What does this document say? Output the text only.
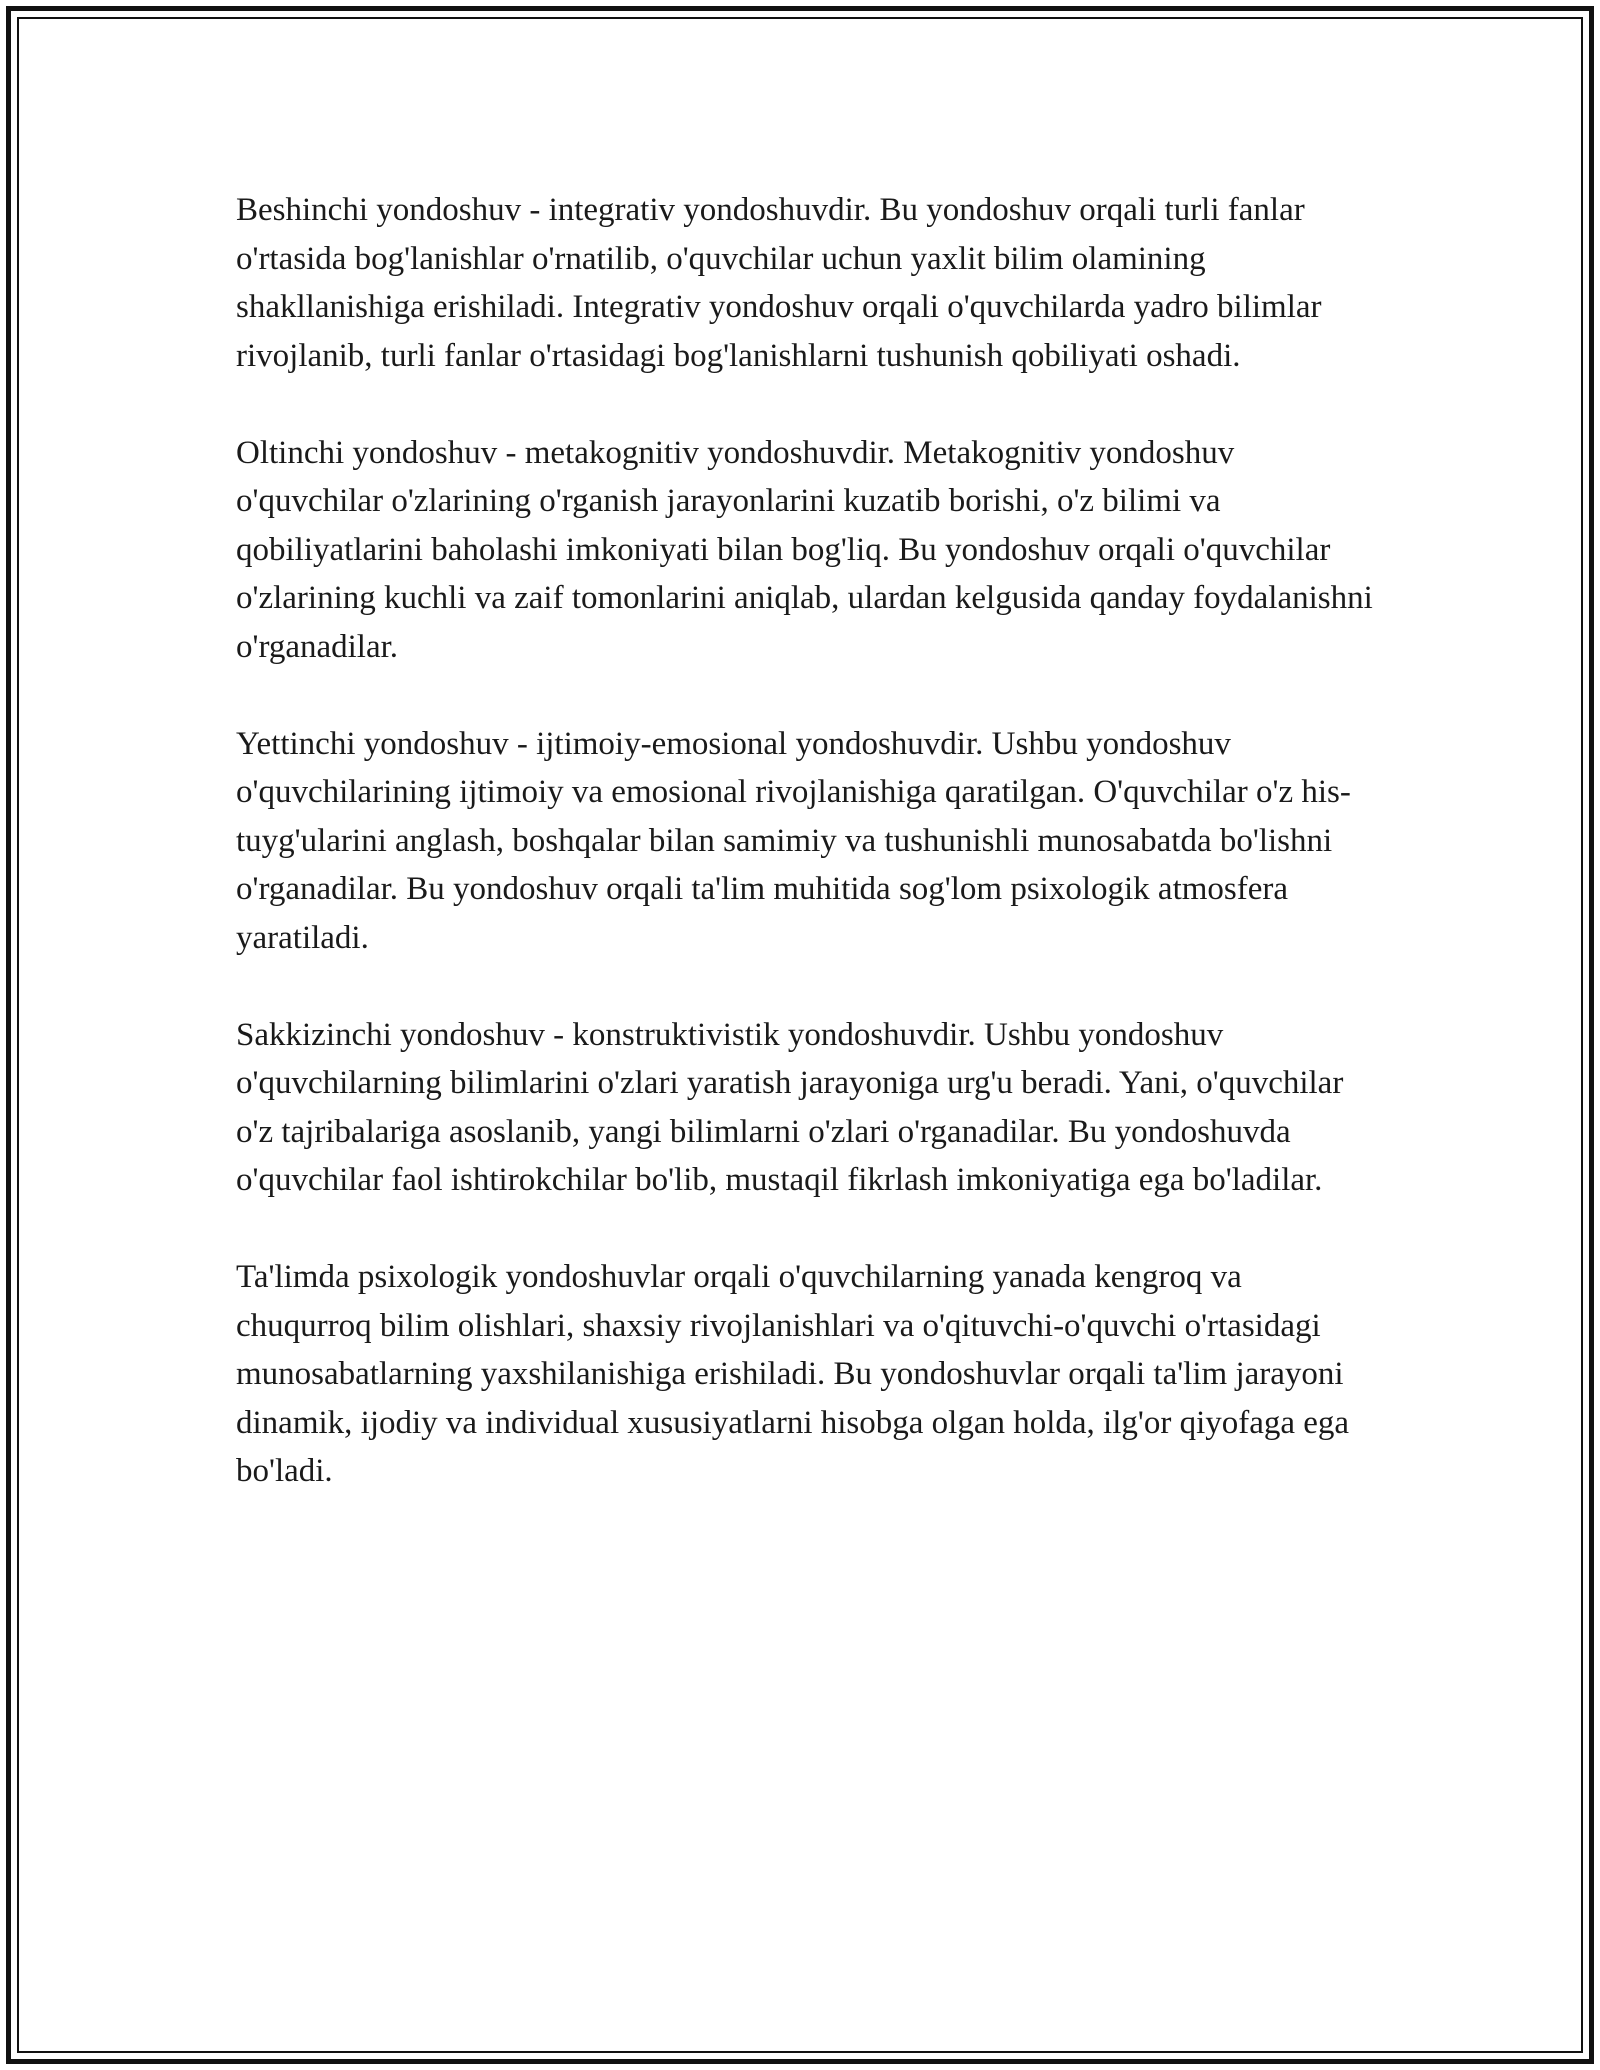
Beshinchi yondoshuv - integrativ yondoshuvdir. Bu yondoshuv orqali turli fanlar o'rtasida bog'lanishlar o'rnatilib, o'quvchilar uchun yaxlit bilim olamining shakllanishiga erishiladi. Integrativ yondoshuv orqali o'quvchilarda yadro bilimlar rivojlanib, turli fanlar o'rtasidagi bog'lanishlarni tushunish qobiliyati oshadi.

Oltinchi yondoshuv - metakognitiv yondoshuvdir. Metakognitiv yondoshuv o'quvchilar o'zlarining o'rganish jarayonlarini kuzatib borishi, o'z bilimi va qobiliyatlarini baholashi imkoniyati bilan bog'liq. Bu yondoshuv orqali o'quvchilar o'zlarining kuchli va zaif tomonlarini aniqlab, ulardan kelgusida qanday foydalanishni o'rganadilar.

Yettinchi yondoshuv - ijtimoiy-emosional yondoshuvdir. Ushbu yondoshuv o'quvchilarining ijtimoiy va emosional rivojlanishiga qaratilgan. O'quvchilar o'z his-tuyg'ularini anglash, boshqalar bilan samimiy va tushunishli munosabatda bo'lishni o'rganadilar. Bu yondoshuv orqali ta'lim muhitida sog'lom psixologik atmosfera yaratiladi.

Sakkizinchi yondoshuv - konstruktivistik yondoshuvdir. Ushbu yondoshuv o'quvchilarning bilimlarini o'zlari yaratish jarayoniga urg'u beradi. Yani, o'quvchilar o'z tajribalariga asoslanib, yangi bilimlarni o'zlari o'rganadilar. Bu yondoshuvda o'quvchilar faol ishtirokchilar bo'lib, mustaqil fikrlash imkoniyatiga ega bo'ladilar.

Ta'limda psixologik yondoshuvlar orqali o'quvchilarning yanada kengroq va chuqurroq bilim olishlari, shaxsiy rivojlanishlari va o'qituvchi-o'quvchi o'rtasidagi munosabatlarning yaxshilanishiga erishiladi. Bu yondoshuvlar orqali ta'lim jarayoni dinamik, ijodiy va individual xususiyatlarni hisobga olgan holda, ilg'or qiyofaga ega bo'ladi.
